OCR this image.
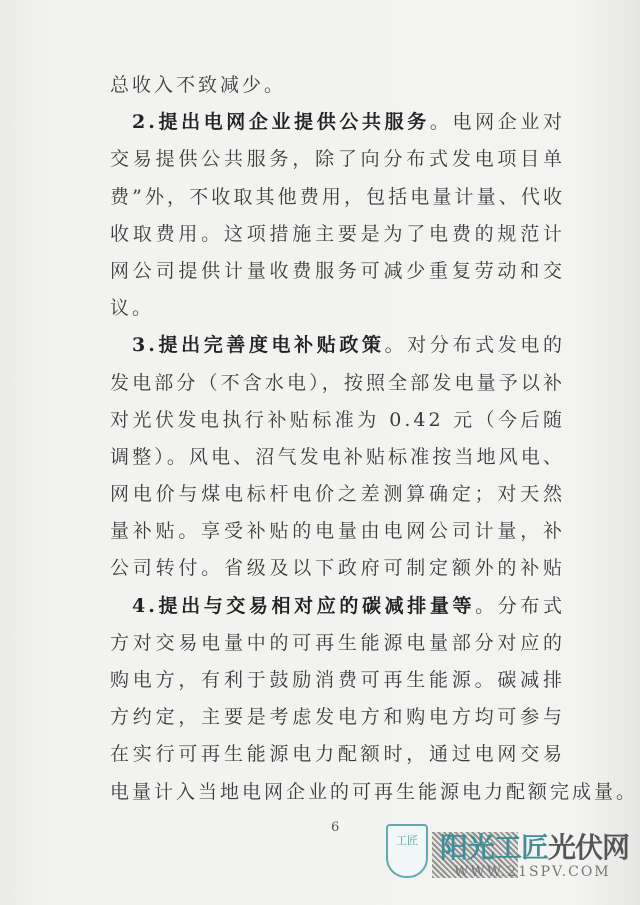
总收入不致减少。
2.提出电网企业提供公共服务。电网企业对
交易提供公共服务，除了向分布式发电项目单
费”外，不收取其他费用，包括电量计量、代收
收取费用。这项措施主要是为了电费的规范计
网公司提供计量收费服务可减少重复劳动和交
议。
3.提出完善度电补贴政策。对分布式发电的
发电部分（不含水电），按照全部发电量予以补
对光伏发电执行补贴标准为 0.42 元（今后随
调整）。风电、沼气发电补贴标准按当地风电、
网电价与煤电标杆电价之差测算确定；对天然
量补贴。享受补贴的电量由电网公司计量，补
公司转付。省级及以下政府可制定额外的补贴
4.提出与交易相对应的碳减排量等。分布式
方对交易电量中的可再生能源电量部分对应的
购电方，有利于鼓励消费可再生能源。碳减排
方约定，主要是考虑发电方和购电方均可参与
在实行可再生能源电力配额时，通过电网交易
电量计入当地电网企业的可再生能源电力配额完成量。
6
工匠 阳光工匠光伏网
WWW.21SPV.COM
